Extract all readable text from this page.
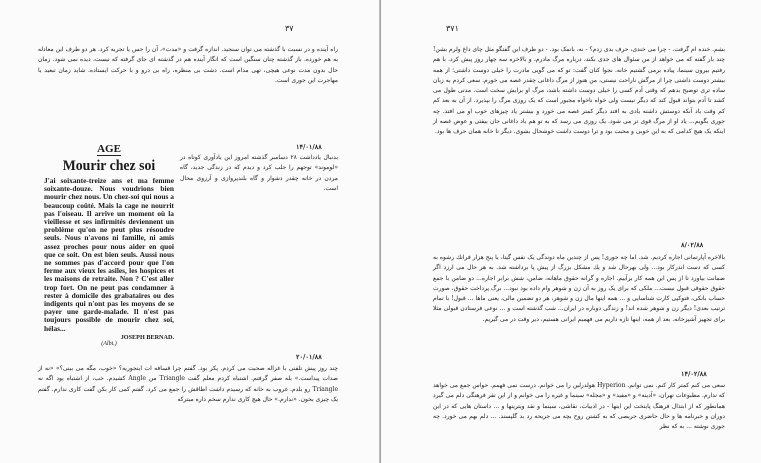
۳۷

راه آینده و در نسبت با گذشته می توان سنجید. اندازه گرفت و «مدت»، آن را حس یا تجربه کرد. هر دو طرف این معادله به هم خورده. باز گذشته چنان سنگین است که انگار آینده هم در گذشته ای جای گرفته که نیست، دیده نمی شود. زمان حال بدون مدت نوعی هیچی، تهی مدام است. دشت بی منظره، راه بی درو و با حرکت ایستاده. شاید زمان تبعید یا مهاجرت این جوری است.

۱۴/۰۱/۸۸

بدنبال یادداشت ۲۸ دسامبر گذشته امروز این یادآوری کوتاه در «لوموند» توجهم را جلب کرد و دیدم که در زندگی جدید، گاه مردن در خانه چقدر دشوار و گاه بلندپروازی و آرزوی محال است.

AGE
Mourir chez soi

J'ai soixante-treize ans et ma femme soixante-douze. Nous voudrions bien mourir chez nous. Un chez-soi qui nous a beaucoup coûté. Mais la cage ne nourrit pas l'oiseau. Il arrive un moment où la vieillesse et ses infirmités deviennent un problème qu'on ne peut plus résoudre seuls. Nous n'avons ni famille, ni amis assez proches pour nous aider en quoi que ce soit. On est bien seuls. Aussi nous ne sommes pas d'accord pour que l'on ferme aux vieux les asiles, les hospices et les maisons de retraite. Non ? C'est aller trop fort. On ne peut pas condamner à rester à domicile des grabataires ou des indigents qui n'ont pas les moyens de se payer une garde-malade. Il n'est pas toujours possible de mourir chez soi, hélas...

JOSEPH BERNAD.
(Albi.)
۲۰/۰۱/۸۸

چند روز پیش تلفنی با غزاله صحبت می کردم. پکر بود. گفتم چرا قسافه ات اینجوریه؟ «خوب، مگه می بینی؟» «نه از صدات پیداست.» بله صفر گرفتم. اشتباه کردم معلم گفت Triangle من Angle کشیدم. خب، از اشتباه بود اگه نه Triangle رو بلدم. غروب به خانه که رسیدم داشت اطاقش را جمع می کرد. گفتم کمی کار بکن گفت کاری ندارم. گفتم یک چیزی بخون. «ندارم.» حال هیچ کاری ندارم سخم داره میترکه

۳۷۱

بشم. خنده ام گرفت. - چرا می خندی، حرف بدی زدم؟ - نه، بانمک بود. - دو طرف این گفتگو مثل چای داغ ولرم بشن! چند بار گفته که می خواهد از من سئوال های جدی بکند، درباره مرگ مادرم، و بالاخره سه چهار روز پیش کرد. با هم رفتیم بیرون سینما، پیاده برمی گشتیم خانه. نجوا کنان گفت: تو که می گویی مادرت را خیلی دوست داشتی؛ از همه بیشتر دوست داشتی چرا از مرگش ناراحت نیستی، من هنوز از مرگ داغانی چقدر غصه می خورم. سعی کردم به زبان ساده تری توضیح بدهم که وقتی آدم کسی را خیلی دوست داشته باشد، مرگ او برایش سخت است. مدتی طول می کشد تا آدم بتواند قبول کند که دیگر نیست ولی خواه ناخواه مجبور است که یک روزی مرگ را بپذیرد. از آن به بعد کم کم وقت یاد آنکه دوستش داشته یادی به افتد دیگر کمتر غصه می خورد و بیشتر یاد چیزهای خوب او می افتد. چه جوری بگویم... یاد او از مرگ قوی تر می شود. یک روزی می رسد که به تو هم یاد داغانی جان بیفتی و عوض غصه از اینکه یک هیچ کدامی که به این خوبی و محبت بود و ترا دوست داشت خوشحال بشوی. دیگر تا خانه همان حرف ها بود.

۸/۰۲/۸۸

بالاخره آپارتمانی اجاره کردیم. شد. اما چه جوری! پس از چندین ماه دوندگی یک نفس گیتا، یا پنج هزار فرانك رشوه به کسی که دست اندرکار بود... ولی بهرحال شد و یك مشکل بزرگ از پیش پا برداشته شد. به هر حال می ارزد اگر ضمانت بیاورد تا از پس این همه کار برآییم. اجاره و گرانه حقوق ماهانه، ضامن، شش برابر اجاره... دو ضامن با جمع حقوق حقوقی قبول نیست... ملکی که برای یک روز به آن زن و شوهر وام داده بود نبود... برگ پرداخت حقوق، صورت حساب بانکی، فتوکپی کارت شناسایی و ... همه اینها مال زن و شوهر، هر دو تضمین مالی، یعنی ماها ... قبول! با تمام ترتیب بعدی! دیگر زن و شوهر شده اند! و زندگی دوباره در ایران... شب گذشته است و ... نوعی فرستادن قبولی مثلا برای تجهیز آشپزخانه. بعد از همه، اینها تازه داریم می فهمیم ایرانی هستیم، دیر وقت در می گیریم.

۱۴/۰۲/۸۸

سعی می کنم کمتر کار کنم. نمی توانم. Hyperion هولدرلین را می خوانم. درست نمی فهمم. حواس جمع می خواهد که ندارم. مطبوعات تهران، «آدینه» و «مفید» و «مجله» سینما و غیره را می خوانم و از این تقر فرهنگی دلم می گیرد همانطور که از ابتذال فرهنگ پایتخت این اینها - در ادبیات، نقاشی، سینما و نقد ویترینها و ... داستان هایی که در این دوران و خبرنامه ها و حال حاضری حریصی که به کشتن روح بچه می جریحه رد بد گلپسند. ... دلم بهم می خورد. چه جوری نوشته ... به که نظر
